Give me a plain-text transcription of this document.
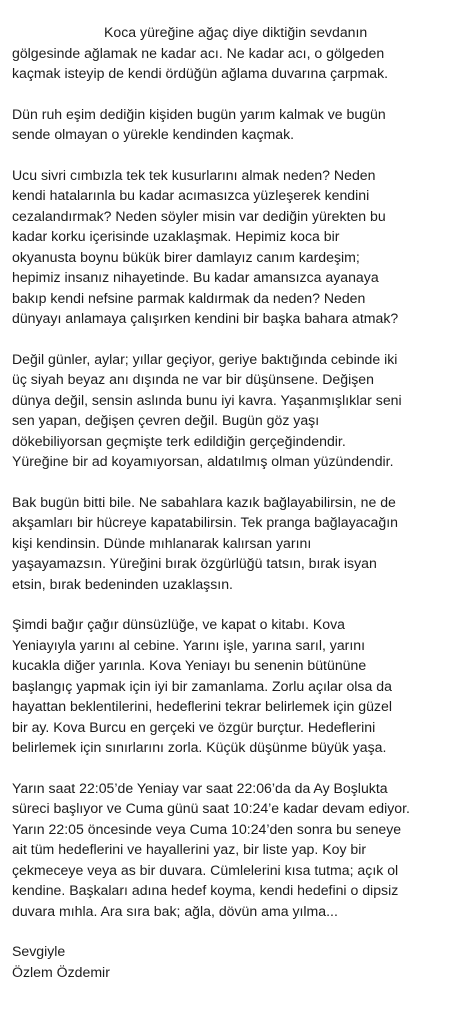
Koca yüreğine ağaç diye diktiğin sevdanın
gölgesinde ağlamak ne kadar acı. Ne kadar acı, o gölgeden
kaçmak isteyip de kendi ördüğün ağlama duvarına çarpmak.

Dün ruh eşim dediğin kişiden bugün yarım kalmak ve bugün
sende olmayan o yürekle kendinden kaçmak.

Ucu sivri cımbızla tek tek kusurlarını almak neden? Neden
kendi hatalarınla bu kadar acımasızca yüzleşerek kendini
cezalandırmak? Neden söyler misin var dediğin yürekten bu
kadar korku içerisinde uzaklaşmak. Hepimiz koca bir
okyanusta boynu bükük birer damlayız canım kardeşim;
hepimiz insanız nihayetinde. Bu kadar amansızca ayanaya
bakıp kendi nefsine parmak kaldırmak da neden? Neden
dünyayı anlamaya çalışırken kendini bir başka bahara atmak?

Değil günler, aylar; yıllar geçiyor, geriye baktığında cebinde iki
üç siyah beyaz anı dışında ne var bir düşünsene. Değişen
dünya değil, sensin aslında bunu iyi kavra. Yaşanmışlıklar seni
sen yapan, değişen çevren değil. Bugün göz yaşı
dökebiliyorsan geçmişte terk edildiğin gerçeğindendir.
Yüreğine bir ad koyamıyorsan, aldatılmış olman yüzündendir.

Bak bugün bitti bile. Ne sabahlara kazık bağlayabilirsin, ne de
akşamları bir hücreye kapatabilirsin. Tek pranga bağlayacağın
kişi kendinsin. Dünde mıhlanarak kalırsan yarını
yaşayamazsın. Yüreğini bırak özgürlüğü tatsın, bırak isyan
etsin, bırak bedeninden uzaklaşsın.

Şimdi bağır çağır dünsüzlüğe, ve kapat o kitabı. Kova
Yeniayıyla yarını al cebine. Yarını işle, yarına sarıl, yarını
kucakla diğer yarınla. Kova Yeniayı bu senenin bütününe
başlangıç yapmak için iyi bir zamanlama. Zorlu açılar olsa da
hayattan beklentilerini, hedeflerini tekrar belirlemek için güzel
bir ay. Kova Burcu en gerçeki ve özgür burçtur. Hedeflerini
belirlemek için sınırlarını zorla. Küçük düşünme büyük yaşa.

Yarın saat 22:05’de Yeniay var saat 22:06’da da Ay Boşlukta
süreci başlıyor ve Cuma günü saat 10:24’e kadar devam ediyor.
Yarın 22:05 öncesinde veya Cuma 10:24’den sonra bu seneye
ait tüm hedeflerini ve hayallerini yaz, bir liste yap. Koy bir
çekmeceye veya as bir duvara. Cümlelerini kısa tutma; açık ol
kendine. Başkaları adına hedef koyma, kendi hedefini o dipsiz
duvara mıhla. Ara sıra bak; ağla, dövün ama yılma...

Sevgiyle
Özlem Özdemir
